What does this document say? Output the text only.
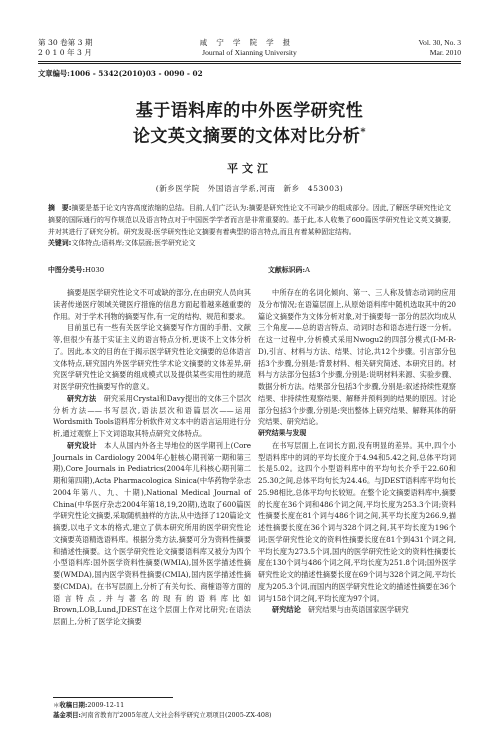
第 30 卷第 3 期
2 0 1 0 年 3 月
咸宁学院学报
Journal of Xianning University
Vol. 30, No. 3
Mar. 2010
文章编号:1006 - 5342(2010)03 - 0090 - 02
基于语料库的中外医学研究性
论文英文摘要的文体对比分析*
平文江
(新乡医学院　外国语言学系,河南　新乡　453003)
摘　要:摘要是基于论文内容高度浓缩的总结。目前,人们广泛认为:摘要是研究性论文不可缺少的组成部分。因此,了解医学研究性论文摘要的国际通行的写作规范以及语言特点对于中国医学学者而言是非常重要的。基于此,本人收集了600篇医学研究性论文英文摘要,并对其进行了研究分析。研究发现:医学研究性论文摘要有着典型的语言特点,而且有着某种固定结构。
关键词:文体特点;语料库;文体层面;医学研究论文
中图分类号:H030	文献标识码:A

摘要是医学研究性论文不可或缺的部分,在由研究人员向其读者传递医疗领域关键医疗措施的信息方面起着越来越重要的作用。对于学术刊物的摘要写作,有一定的结构、规范和要求。

目前虽已有一些有关医学论文摘要写作方面的手册、文献等,但很少有基于实证主义的语言特点分析,更谈不上文体分析了。因此,本文的目的在于揭示医学研究性论文摘要的总体语言文体特点,研究国内外医学研究性学术论文摘要的文体差异,研究医学研究性论文摘要的组成模式以及提供某些实用性的规范对医学研究性摘要写作的意义。

研究方法　研究采用Crystal和Davy提出的文体三个层次分析方法——书写层次,语法层次和语篇层次——运用Wordsmith Tools语料库分析软件对文本中的语言运用进行分析,通过观察上下文词语取其特点研究文体特点。

研究设计　本人从国内外各主导地位的医学期刊上(Core Journals in Cardiology 2004年心脏核心期刊第一期和第三期),Core Journals in Pediatrics(2004年儿科核心期刊第二期和第四期),Acta Pharmacologica Sinica(中华药物学杂志2004年第八、九、十期),National Medical Journal of China(中华医疗杂志2004年第18,19,20期),选取了600篇医学研究性论文摘要,采取随机抽样的方法,从中选择了120篇论文摘要,以电子文本的格式,建立了供本研究所用的医学研究性论文摘要英语精选语料库。根据分类方法,摘要可分为资料性摘要和描述性摘要。这个医学研究性论文摘要语料库又被分为四个小型语料库:国外医学资料性摘要(WMIA),国外医学描述性摘要(WMDA),国内医学资料性摘要(CMIA),国内医学描述性摘要(CMDA)。在书写层面上,分析了有关句长、商榷语等方面的语言特点,并与著名的现有的语料库比如Brown,LOB,Lund,JDEST在这个层面上作对比研究;在语法层面上,分析了医学论文摘要

中所存在的名词化倾向、第一、三人称及情态动词的应用及分布情况;在语篇层面上,从原始语料库中随机选取其中的20篇论文摘要作为文体分析对象,对于摘要每一部分的层次均成从三个角度——总的语言特点、动词时态和语态进行逐一分析。在这一过程中,分析模式采用Nwogu2的四部分模式(I-M-R-D),引言、材料与方法、结果、讨论,共12个步骤。引言部分包括3个步骤,分别是:背景材料、相关研究简述、本研究目的。材料与方法部分包括3个步骤,分别是:说明材料来源、实验步骤、数据分析方法。结果部分包括3个步骤,分别是:叙述持续性观察结果、非持续性观察结果、解释并预料到的结果的原因。讨论部分包括3个步骤,分别是:突出整体上研究结果、解释其体的研究结果、研究结论。

研究结果与发现

在书写层面上,在词长方面,没有明显的差异。其中,四个小型语料库中的词的平均长度介于4.94和5.42之间,总体平均词长是5.02。这四个小型语料库中的平均句长介乎于22.60和25.30之间,总体平均句长为24.46。与JDEST语料库平均句长25.98相比,总体平均句长较短。在整个论文摘要语料库中,摘要的长度在36个词和486个词之间,平均长度为253.3个词;资料性摘要长度在81个词与486个词之间,其平均长度为266.9,描述性摘要长度在36个词与328个词之间,其平均长度为196个词;医学研究性论文的资料性摘要长度在81个到431个词之间,平均长度为273.5个词,国内的医学研究性论文的资料性摘要长度在130个词与486个词之间,平均长度为251.8个词;国外医学研究性论文的描述性摘要长度在69个词与328个词之间,平均长度为205.3个词,而国内的医学研究性论文的描述性摘要在36个词与158个词之间,平均长度为97个词。

研究结论　研究结果与由英语国家医学研究

＊收稿日期:2009-12-11
基金项目:河南省教育厅2005年度人文社会科学研究立项项目(2005-ZX-408)
